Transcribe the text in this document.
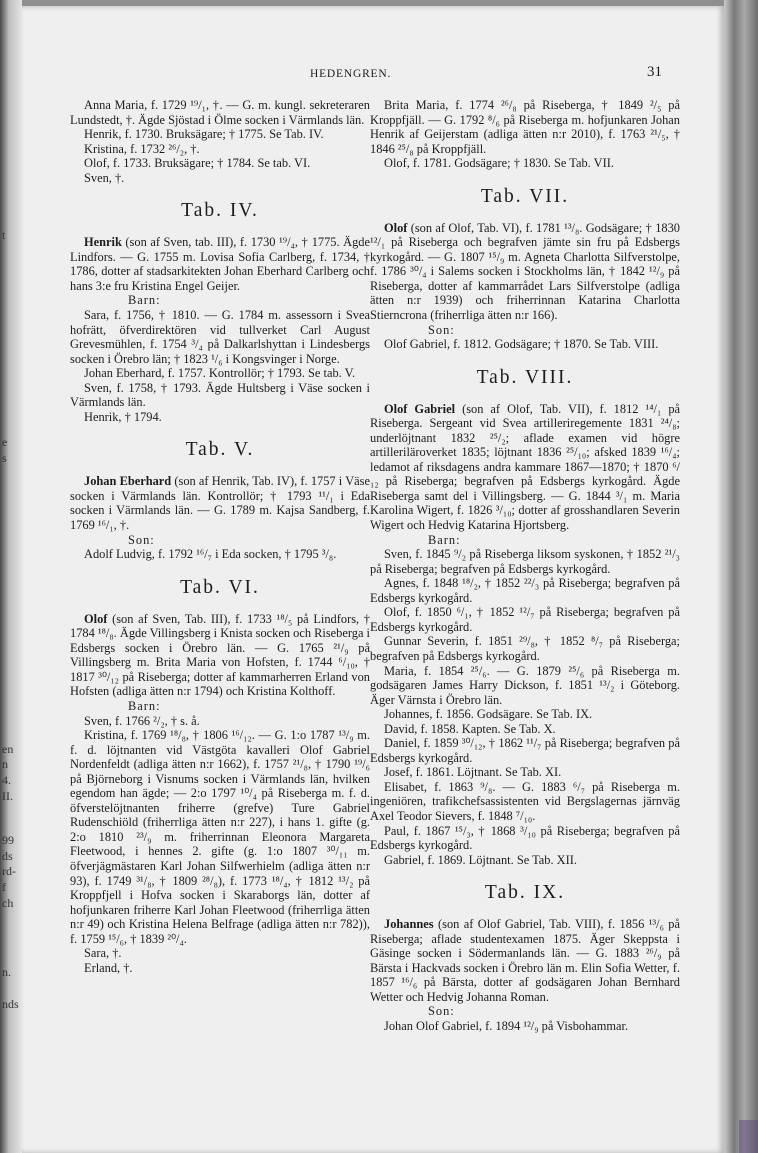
t
e
s
en
n
4.
II.
99
ds
rd-
f
ch
n.
nds
HEDENGREN.	31

Anna Maria, f. 1729 ¹⁹/₁, †. — G. m. kungl. sekreteraren Lundstedt, †. Ägde Sjöstad i Ölme socken i Värmlands län.

Henrik, f. 1730. Bruksägare; † 1775. Se Tab. IV.

Kristina, f. 1732 ²⁶/₂, †.

Olof, f. 1733. Bruksägare; † 1784. Se tab. VI.

Sven, †.

Tab. IV.

Henrik (son af Sven, tab. III), f. 1730 ¹⁹/₄, † 1775. Ägde Lindfors. — G. 1755 m. Lovisa Sofia Carlberg, f. 1734, † 1786, dotter af stadsarkitekten Johan Eberhard Carlberg och hans 3:e fru Kristina Engel Geijer.

Barn:

Sara, f. 1756, † 1810. — G. 1784 m. assessorn i Svea hofrätt, öfverdirektören vid tullverket Carl August Grevesmühlen, f. 1754 ³/₄ på Dalkarlshyttan i Lindesbergs socken i Örebro län; † 1823 ¹/₆ i Kongsvinger i Norge.

Johan Eberhard, f. 1757. Kontrollör; † 1793. Se tab. V.

Sven, f. 1758, † 1793. Ägde Hultsberg i Väse socken i Värmlands län.

Henrik, † 1794.

Tab. V.

Johan Eberhard (son af Henrik, Tab. IV), f. 1757 i Väse socken i Värmlands län. Kontrollör; † 1793 ¹¹/₁ i Eda socken i Värmlands län. — G. 1789 m. Kajsa Sandberg, f. 1769 ¹⁶/₁, †.

Son:

Adolf Ludvig, f. 1792 ¹⁶/₇ i Eda socken, † 1795 ³/₈.

Tab. VI.

Olof (son af Sven, Tab. III), f. 1733 ¹⁸/₅ på Lindfors, † 1784 ¹⁸/₈. Ägde Villingsberg i Knista socken och Riseberga i Edsbergs socken i Örebro län. — G. 1765 ²¹/₉ på Villingsberg m. Brita Maria von Hofsten, f. 1744 ⁶/₁₀, † 1817 ³⁰/₁₂ på Riseberga; dotter af kammarherren Erland von Hofsten (adliga ätten n:r 1794) och Kristina Kolthoff.

Barn:

Sven, f. 1766 ²/₂, † s. å.

Kristina, f. 1769 ¹⁸/₈, † 1806 ¹⁶/₁₂. — G. 1:o 1787 ¹³/₉ m. f. d. löjtnanten vid Västgöta kavalleri Olof Gabriel Nordenfeldt (adliga ätten n:r 1662), f. 1757 ²¹/₈, † 1790 ¹⁹/₆ på Björneborg i Visnums socken i Värmlands län, hvilken egendom han ägde; — 2:o 1797 ¹⁰/₄ på Riseberga m. f. d. öfverstelöjtnanten friherre (grefve) Ture Gabriel Rudenschiöld (friherrliga ätten n:r 227), i hans 1. gifte (g. 2:o 1810 ²³/₉ m. friherrinnan Eleonora Margareta Fleetwood, i hennes 2. gifte (g. 1:o 1807 ³⁰/₁₁ m. öfverjägmästaren Karl Johan Silfwerhielm (adliga ätten n:r 93), f. 1749 ³¹/₈, † 1809 ²⁸/₈), f. 1773 ¹⁸/₄, † 1812 ¹³/₂ på Kroppfjell i Hofva socken i Skaraborgs län, dotter af hofjunkaren friherre Karl Johan Fleetwood (friherrliga ätten n:r 49) och Kristina Helena Belfrage (adliga ätten n:r 782)), f. 1759 ¹⁵/₆, † 1839 ²⁰/₄.

Sara, †.

Erland, †.

Brita Maria, f. 1774 ²⁶/₈ på Riseberga, † 1849 ²/₅ på Kroppfjäll. — G. 1792 ⁸/₆ på Riseberga m. hofjunkaren Johan Henrik af Geijerstam (adliga ätten n:r 2010), f. 1763 ²¹/₅, † 1846 ²⁵/₈ på Kroppfjäll.

Olof, f. 1781. Godsägare; † 1830. Se Tab. VII.

Tab. VII.

Olof (son af Olof, Tab. VI), f. 1781 ¹³/₈. Godsägare; † 1830 ¹²/₁ på Riseberga och begrafven jämte sin fru på Edsbergs kyrkogård. — G. 1807 ¹⁵/₉ m. Agneta Charlotta Silfverstolpe, f. 1786 ³⁰/₄ i Salems socken i Stockholms län, † 1842 ¹²/₉ på Riseberga, dotter af kammarrådet Lars Silfverstolpe (adliga ätten n:r 1939) och friherrinnan Katarina Charlotta Stierncrona (friherrliga ätten n:r 166).

Son:

Olof Gabriel, f. 1812. Godsägare; † 1870. Se Tab. VIII.

Tab. VIII.

Olof Gabriel (son af Olof, Tab. VII), f. 1812 ¹⁴/₁ på Riseberga. Sergeant vid Svea artilleriregemente 1831 ²⁴/₈; underlöjtnant 1832 ²⁵/₂; aflade examen vid högre artilleriläroverket 1835; löjtnant 1836 ²⁵/₁₀; afsked 1839 ¹⁶/₄; ledamot af riksdagens andra kammare 1867—1870; † 1870 ⁶/₁₂ på Riseberga; begrafven på Edsbergs kyrkogård. Ägde Riseberga samt del i Villingsberg. — G. 1844 ³/₁ m. Maria Karolina Wigert, f. 1826 ³/₁₀; dotter af grosshandlaren Severin Wigert och Hedvig Katarina Hjortsberg.

Barn:

Sven, f. 1845 ⁹/₂ på Riseberga liksom syskonen, † 1852 ²¹/₃ på Riseberga; begrafven på Edsbergs kyrkogård.

Agnes, f. 1848 ¹⁸/₂, † 1852 ²²/₃ på Riseberga; begrafven på Edsbergs kyrkogård.

Olof, f. 1850 ⁶/₁, † 1852 ¹²/₇ på Riseberga; begrafven på Edsbergs kyrkogård.

Gunnar Severin, f. 1851 ²⁹/₈, † 1852 ⁸/₇ på Riseberga; begrafven på Edsbergs kyrkogård.

Maria, f. 1854 ²⁵/₆. — G. 1879 ²⁵/₆ på Riseberga m. godsägaren James Harry Dickson, f. 1851 ¹³/₂ i Göteborg. Äger Värnsta i Örebro län.

Johannes, f. 1856. Godsägare. Se Tab. IX.

David, f. 1858. Kapten. Se Tab. X.

Daniel, f. 1859 ³⁰/₁₂, † 1862 ¹¹/₇ på Riseberga; begrafven på Edsbergs kyrkogård.

Josef, f. 1861. Löjtnant. Se Tab. XI.

Elisabet, f. 1863 ⁹/₈. — G. 1883 ⁶/₇ på Riseberga m. ingeniören, trafikchefsassistenten vid Bergslagernas järnväg Axel Teodor Sievers, f. 1848 ⁷/₁₀.

Paul, f. 1867 ¹⁵/₃, † 1868 ³/₁₀ på Riseberga; begrafven på Edsbergs kyrkogård.

Gabriel, f. 1869. Löjtnant. Se Tab. XII.

Tab. IX.

Johannes (son af Olof Gabriel, Tab. VIII), f. 1856 ¹³/₆ på Riseberga; aflade studentexamen 1875. Äger Skeppsta i Gäsinge socken i Södermanlands län. — G. 1883 ²⁶/₉ på Bärsta i Hackvads socken i Örebro län m. Elin Sofia Wetter, f. 1857 ¹⁶/₆ på Bärsta, dotter af godsägaren Johan Bernhard Wetter och Hedvig Johanna Roman.

Son:

Johan Olof Gabriel, f. 1894 ¹²/₉ på Visbohammar.
